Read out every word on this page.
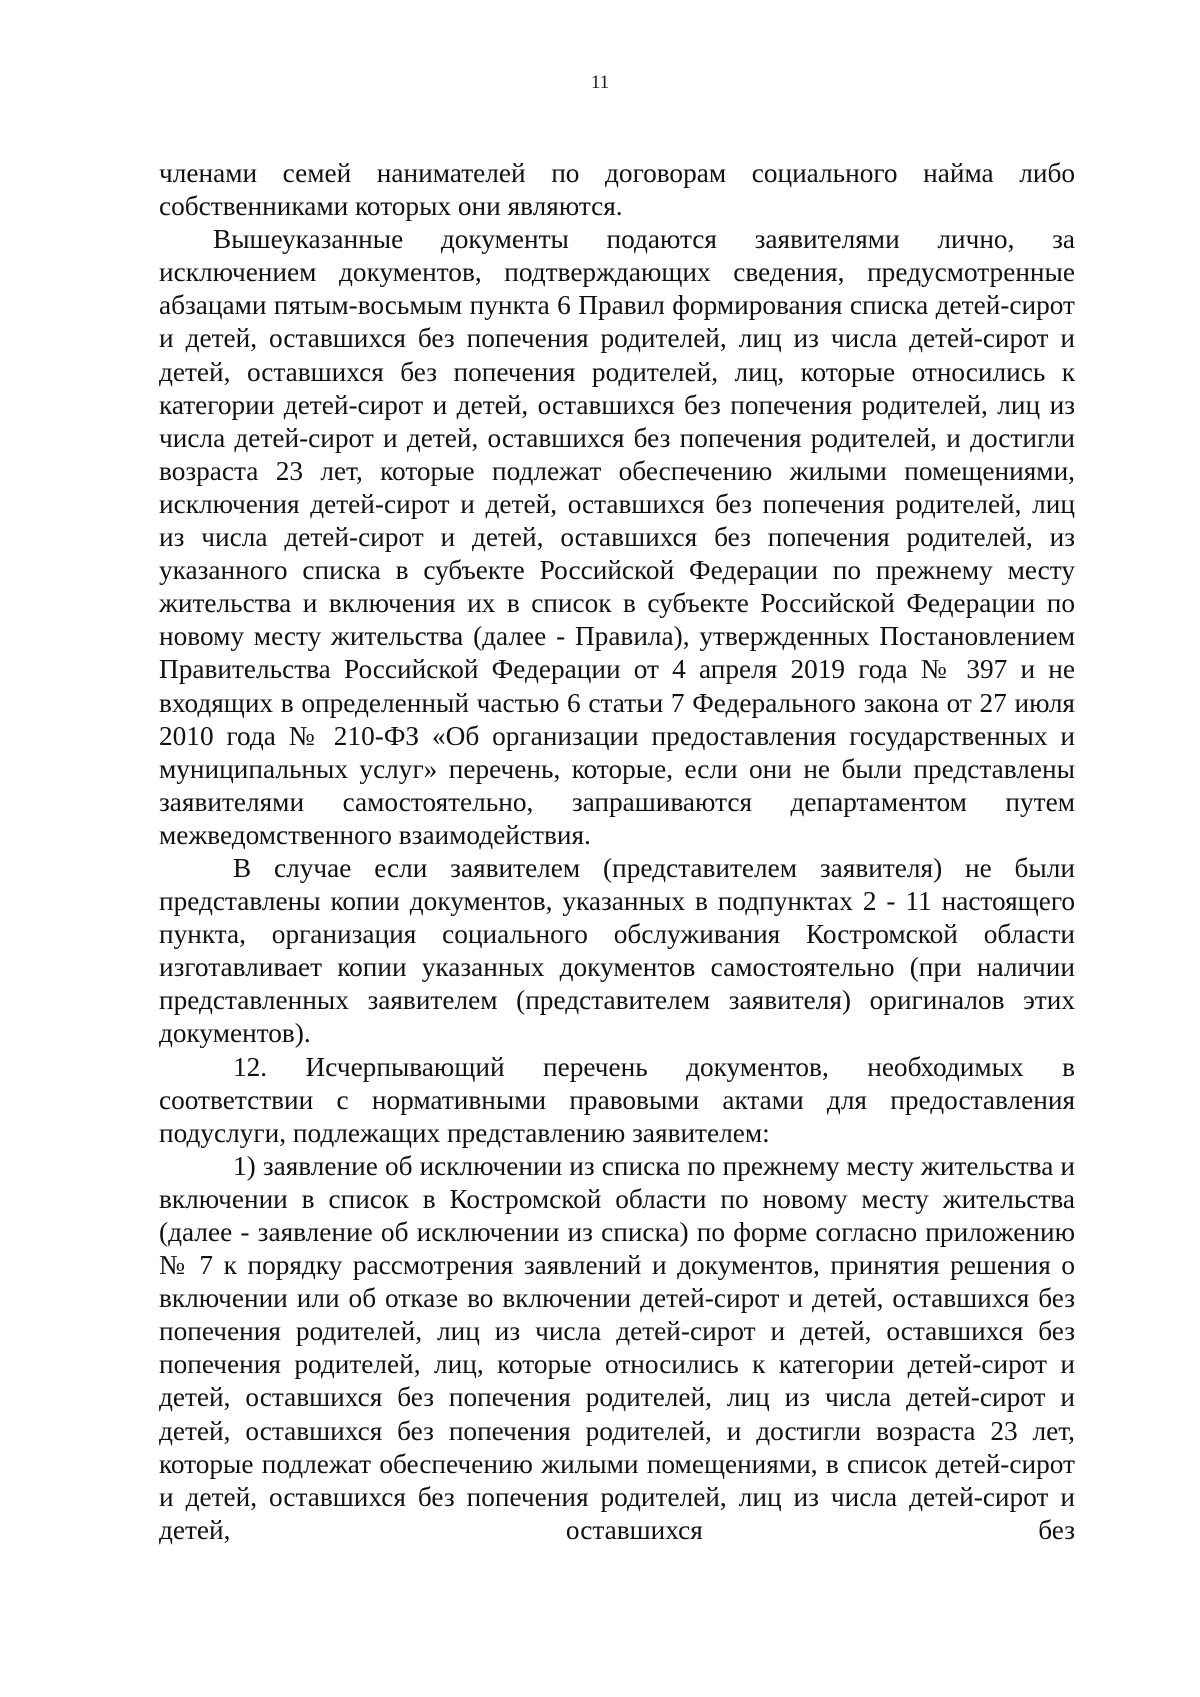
11

членами семей нанимателей по договорам социального найма либо собственниками которых они являются.

Вышеуказанные документы подаются заявителями лично, за исключением документов, подтверждающих сведения, предусмотренные абзацами пятым-восьмым пункта 6 Правил формирования списка детей-сирот и детей, оставшихся без попечения родителей, лиц из числа детей-сирот и детей, оставшихся без попечения родителей, лиц, которые относились к категории детей-сирот и детей, оставшихся без попечения родителей, лиц из числа детей-сирот и детей, оставшихся без попечения родителей, и достигли возраста 23 лет, которые подлежат обеспечению жилыми помещениями, исключения детей-сирот и детей, оставшихся без попечения родителей, лиц из числа детей-сирот и детей, оставшихся без попечения родителей, из указанного списка в субъекте Российской Федерации по прежнему месту жительства и включения их в список в субъекте Российской Федерации по новому месту жительства (далее - Правила), утвержденных Постановлением Правительства Российской Федерации от 4 апреля 2019 года № 397 и не входящих в определенный частью 6 статьи 7 Федерального закона от 27 июля 2010 года № 210-ФЗ «Об организации предоставления государственных и муниципальных услуг» перечень, которые, если они не были представлены заявителями самостоятельно, запрашиваются департаментом путем межведомственного взаимодействия.

В случае если заявителем (представителем заявителя) не были представлены копии документов, указанных в подпунктах 2 - 11 настоящего пункта, организация социального обслуживания Костромской области изготавливает копии указанных документов самостоятельно (при наличии представленных заявителем (представителем заявителя) оригиналов этих документов).

12. Исчерпывающий перечень документов, необходимых в соответствии с нормативными правовыми актами для предоставления подуслуги, подлежащих представлению заявителем:

1) заявление об исключении из списка по прежнему месту жительства и включении в список в Костромской области по новому месту жительства (далее - заявление об исключении из списка) по форме согласно приложению № 7 к порядку рассмотрения заявлений и документов, принятия решения о включении или об отказе во включении детей-сирот и детей, оставшихся без попечения родителей, лиц из числа детей-сирот и детей, оставшихся без попечения родителей, лиц, которые относились к категории детей-сирот и детей, оставшихся без попечения родителей, лиц из числа детей-сирот и детей, оставшихся без попечения родителей, и достигли возраста 23 лет, которые подлежат обеспечению жилыми помещениями, в список детей-сирот и детей, оставшихся без попечения родителей, лиц из числа детей-сирот и детей, оставшихся без
